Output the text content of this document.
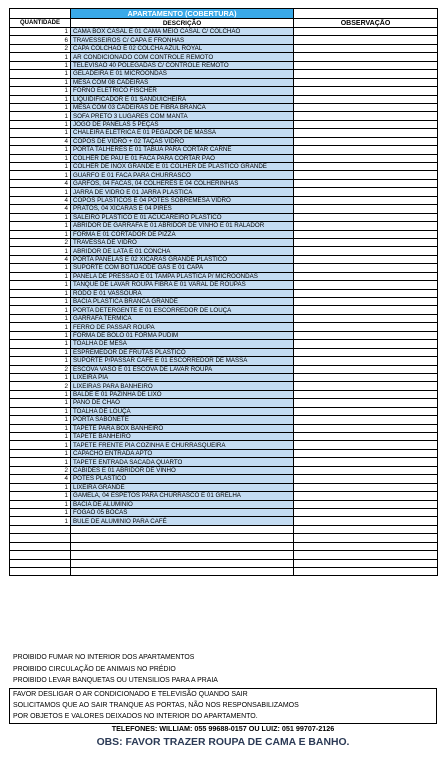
	APARTAMENTO (COBERTURA)	
QUANTIDADE	DESCRIÇÃO	OBSERVAÇÃO
1	CAMA BOX CASAL E 01 CAMA MEIO CASAL C/ COLCHÃO	
6	TRAVESSEIROS C/ CAPA E FRONHAS	
2	CAPA COLCHÃO E 02 COLCHA AZUL ROYAL	
1	AR CONDICIONADO COM CONTROLE REMOTO	
1	TELEVISÃO 40 POLEGADAS C/ CONTROLE REMOTO	
1	GELADEIRA E 01 MICROONDAS	
1	MESA COM 08 CADEIRAS	
1	FORNO ELETRICO FISCHER	
1	LIQUIDIFICADOR E 01 SANDUICHEIRA	
1	MESA COM 03 CADEIRAS DE FIBRA BRANCA	
1	SOFA PRETO 3 LUGARES COM MANTA	
1	JOGO DE PANELAS 5 PEÇAS	
1	CHALEIRA ELÉTRICA E 01 PEGADOR DE MASSA	
4	COPOS DE VIDRO + 02 TAÇAS VIDRO	
1	PORTA TALHERES E 01 TABUA PARA CORTAR CARNE	
1	COLHER DE PAU E 01 FACA PARA CORTAR PÃO	
1	COLHER DE INOX GRANDE E 01 COLHER DE PLASTICO GRANDE	
1	GUARFO E 01 FACA PARA CHURRASCO	
4	GARFOS, 04 FACAS, 04 COLHERES E 04 COLHERINHAS	
1	JARRA DE VIDRO E 01 JARRA PLASTICA	
4	COPOS PLASTICOS E 04 POTES SOBREMESA VIDRO	
4	PRATOS, 04 XÍCARAS E 04 PIRES	
1	SALEIRO PLASTICO E 01 ACUCAREIRO PLASTICO	
1	ABRIDOR DE GARRAFA E 01 ABRIDOR DE VINHO E 01 RALADOR	
1	FORMA E 01 CORTADOR DE PIZZA	
2	TRAVESSA DE VIDRO	
1	ABRIDOR DE LATA E 01 CONCHA	
4	PORTA PANELAS E 02 XICARAS GRANDE PLASTICO	
1	SUPORTE COM BOTIJÃODE GÁS E 01 CAPA	
1	PANELA DE PRESSÃO E 01 TAMPA PLASTICA P/ MICROONDAS	
1	TANQUE DE LAVAR ROUPA FIBRA E 01 VARAL DE ROUPAS	
1	RODO E 01 VASSOURA	
1	BACIA PLASTICA BRANCA GRANDE	
1	PORTA DETERGENTE E 01 ESCORREDOR DE LOUÇA	
1	GARRAFA TERMICA	
1	FERRO DE PASSAR ROUPA	
1	FORMA DE BOLO 01 FORMA PUDIM	
1	TOALHA DE MESA	
1	ESPREMEDOR DE FRUTAS PLASTICO	
1	SUPORTE P/PASSAR CAFÉ E 01 ESCORREDOR DE MASSA	
2	ESCOVA VASO E 01 ESCOVA DE LAVAR ROUPA	
1	LIXEIRA PIA	
2	LIXEIRAS PARA BANHEIRO	
1	BALDE E 01 PAZINHA DE LIXO	
1	PANO DE CHÃO	
1	TOALHA DE LOUÇA	
1	PORTA SABONETE	
1	TAPETE PARA BOX BANHEIRO	
1	TAPETE BANHEIRO	
1	TAPETE FRENTE PIA COZINHA E CHURRASQUEIRA	
1	CAPACHO ENTRADA APTO	
1	TAPETE ENTRADA SACADA QUARTO	
2	CABIDES E 01 ABRIDOR DE VINHO	
4	POTES PLASTICO	
1	LIXEIRA GRANDE	
1	GAMELA, 04 ESPETOS PARA CHURRASCO E 01 GRELHA	
1	BACIA DE ALUMINIO	
1	FOGÃO 05 BOCAS	
1	BULE DE ALUMINIO PARA CAFÉ	

PROIBIDO FUMAR NO INTERIOR DOS APARTAMENTOS
PROIBIDO CIRCULAÇÃO DE ANIMAIS NO PRÉDIO
PROIBIDO LEVAR BANQUETAS OU UTENSILIOS PARA A PRAIA
FAVOR DESLIGAR O AR CONDICIONADO E TELEVISÃO QUANDO SAIR
SOLICITAMOS QUE AO SAIR TRANQUE AS PORTAS, NÃO NOS RESPONSABILIZAMOS
POR OBJETOS E VALORES DEIXADOS NO INTERIOR DO APARTAMENTO.
TELEFONES: WILLIAM: 055 99688-0157 OU LUIZ: 051 99707-2126
OBS: FAVOR TRAZER ROUPA DE CAMA E BANHO.
